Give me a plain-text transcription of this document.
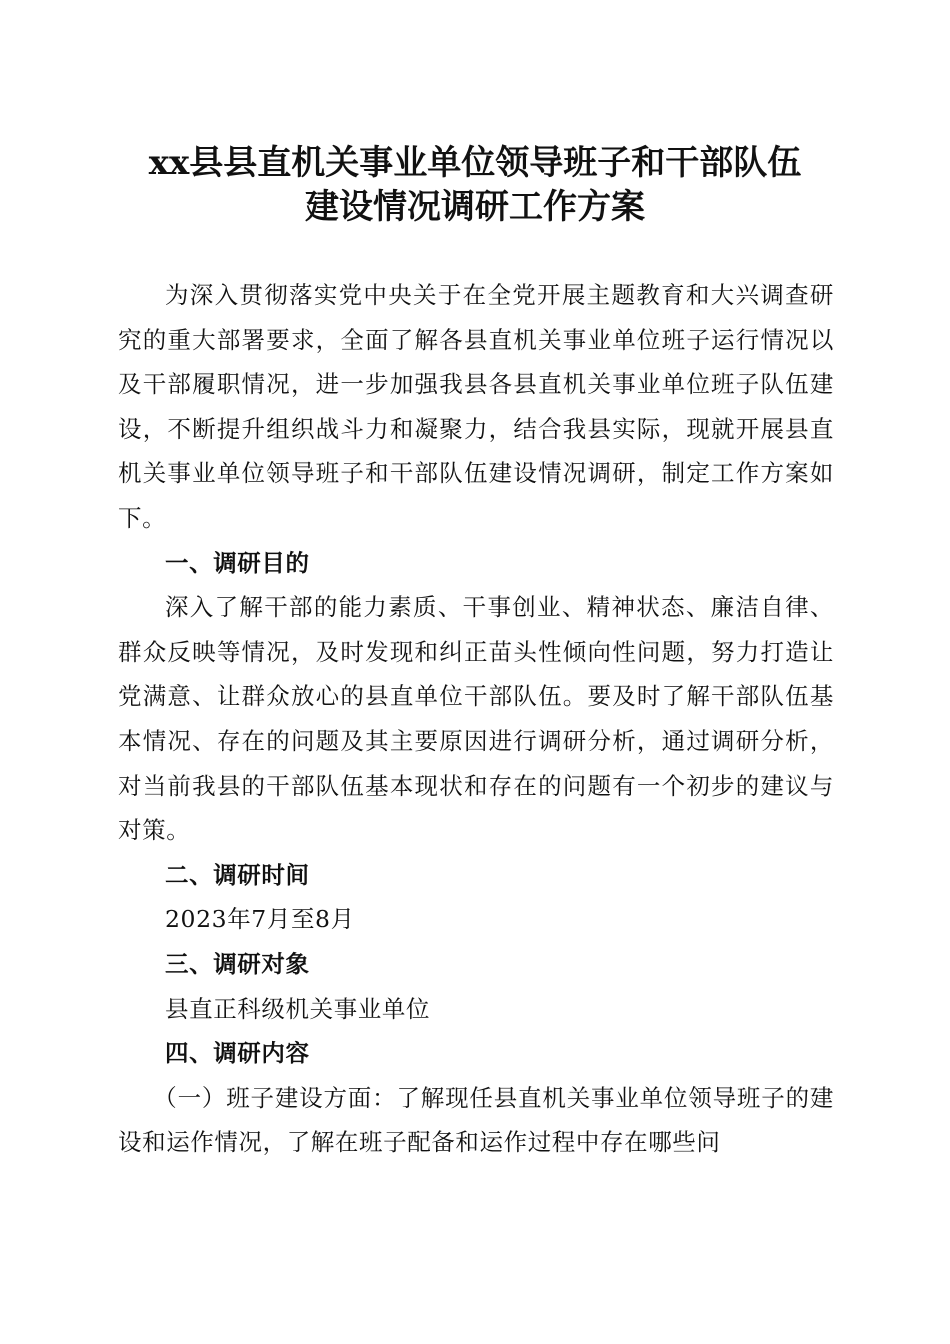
xx县县直机关事业单位领导班子和干部队伍
建设情况调研工作方案

为深入贯彻落实党中央关于在全党开展主题教育和大兴调查研究的重大部署要求，全面了解各县直机关事业单位班子运行情况以及干部履职情况，进一步加强我县各县直机关事业单位班子队伍建设，不断提升组织战斗力和凝聚力，结合我县实际，现就开展县直机关事业单位领导班子和干部队伍建设情况调研，制定工作方案如下。

一、调研目的

深入了解干部的能力素质、干事创业、精神状态、廉洁自律、群众反映等情况，及时发现和纠正苗头性倾向性问题，努力打造让党满意、让群众放心的县直单位干部队伍。要及时了解干部队伍基本情况、存在的问题及其主要原因进行调研分析，通过调研分析，对当前我县的干部队伍基本现状和存在的问题有一个初步的建议与对策。

二、调研时间

2023年7月至8月

三、调研对象

县直正科级机关事业单位

四、调研内容

（一）班子建设方面：了解现任县直机关事业单位领导班子的建设和运作情况，了解在班子配备和运作过程中存在哪些问
